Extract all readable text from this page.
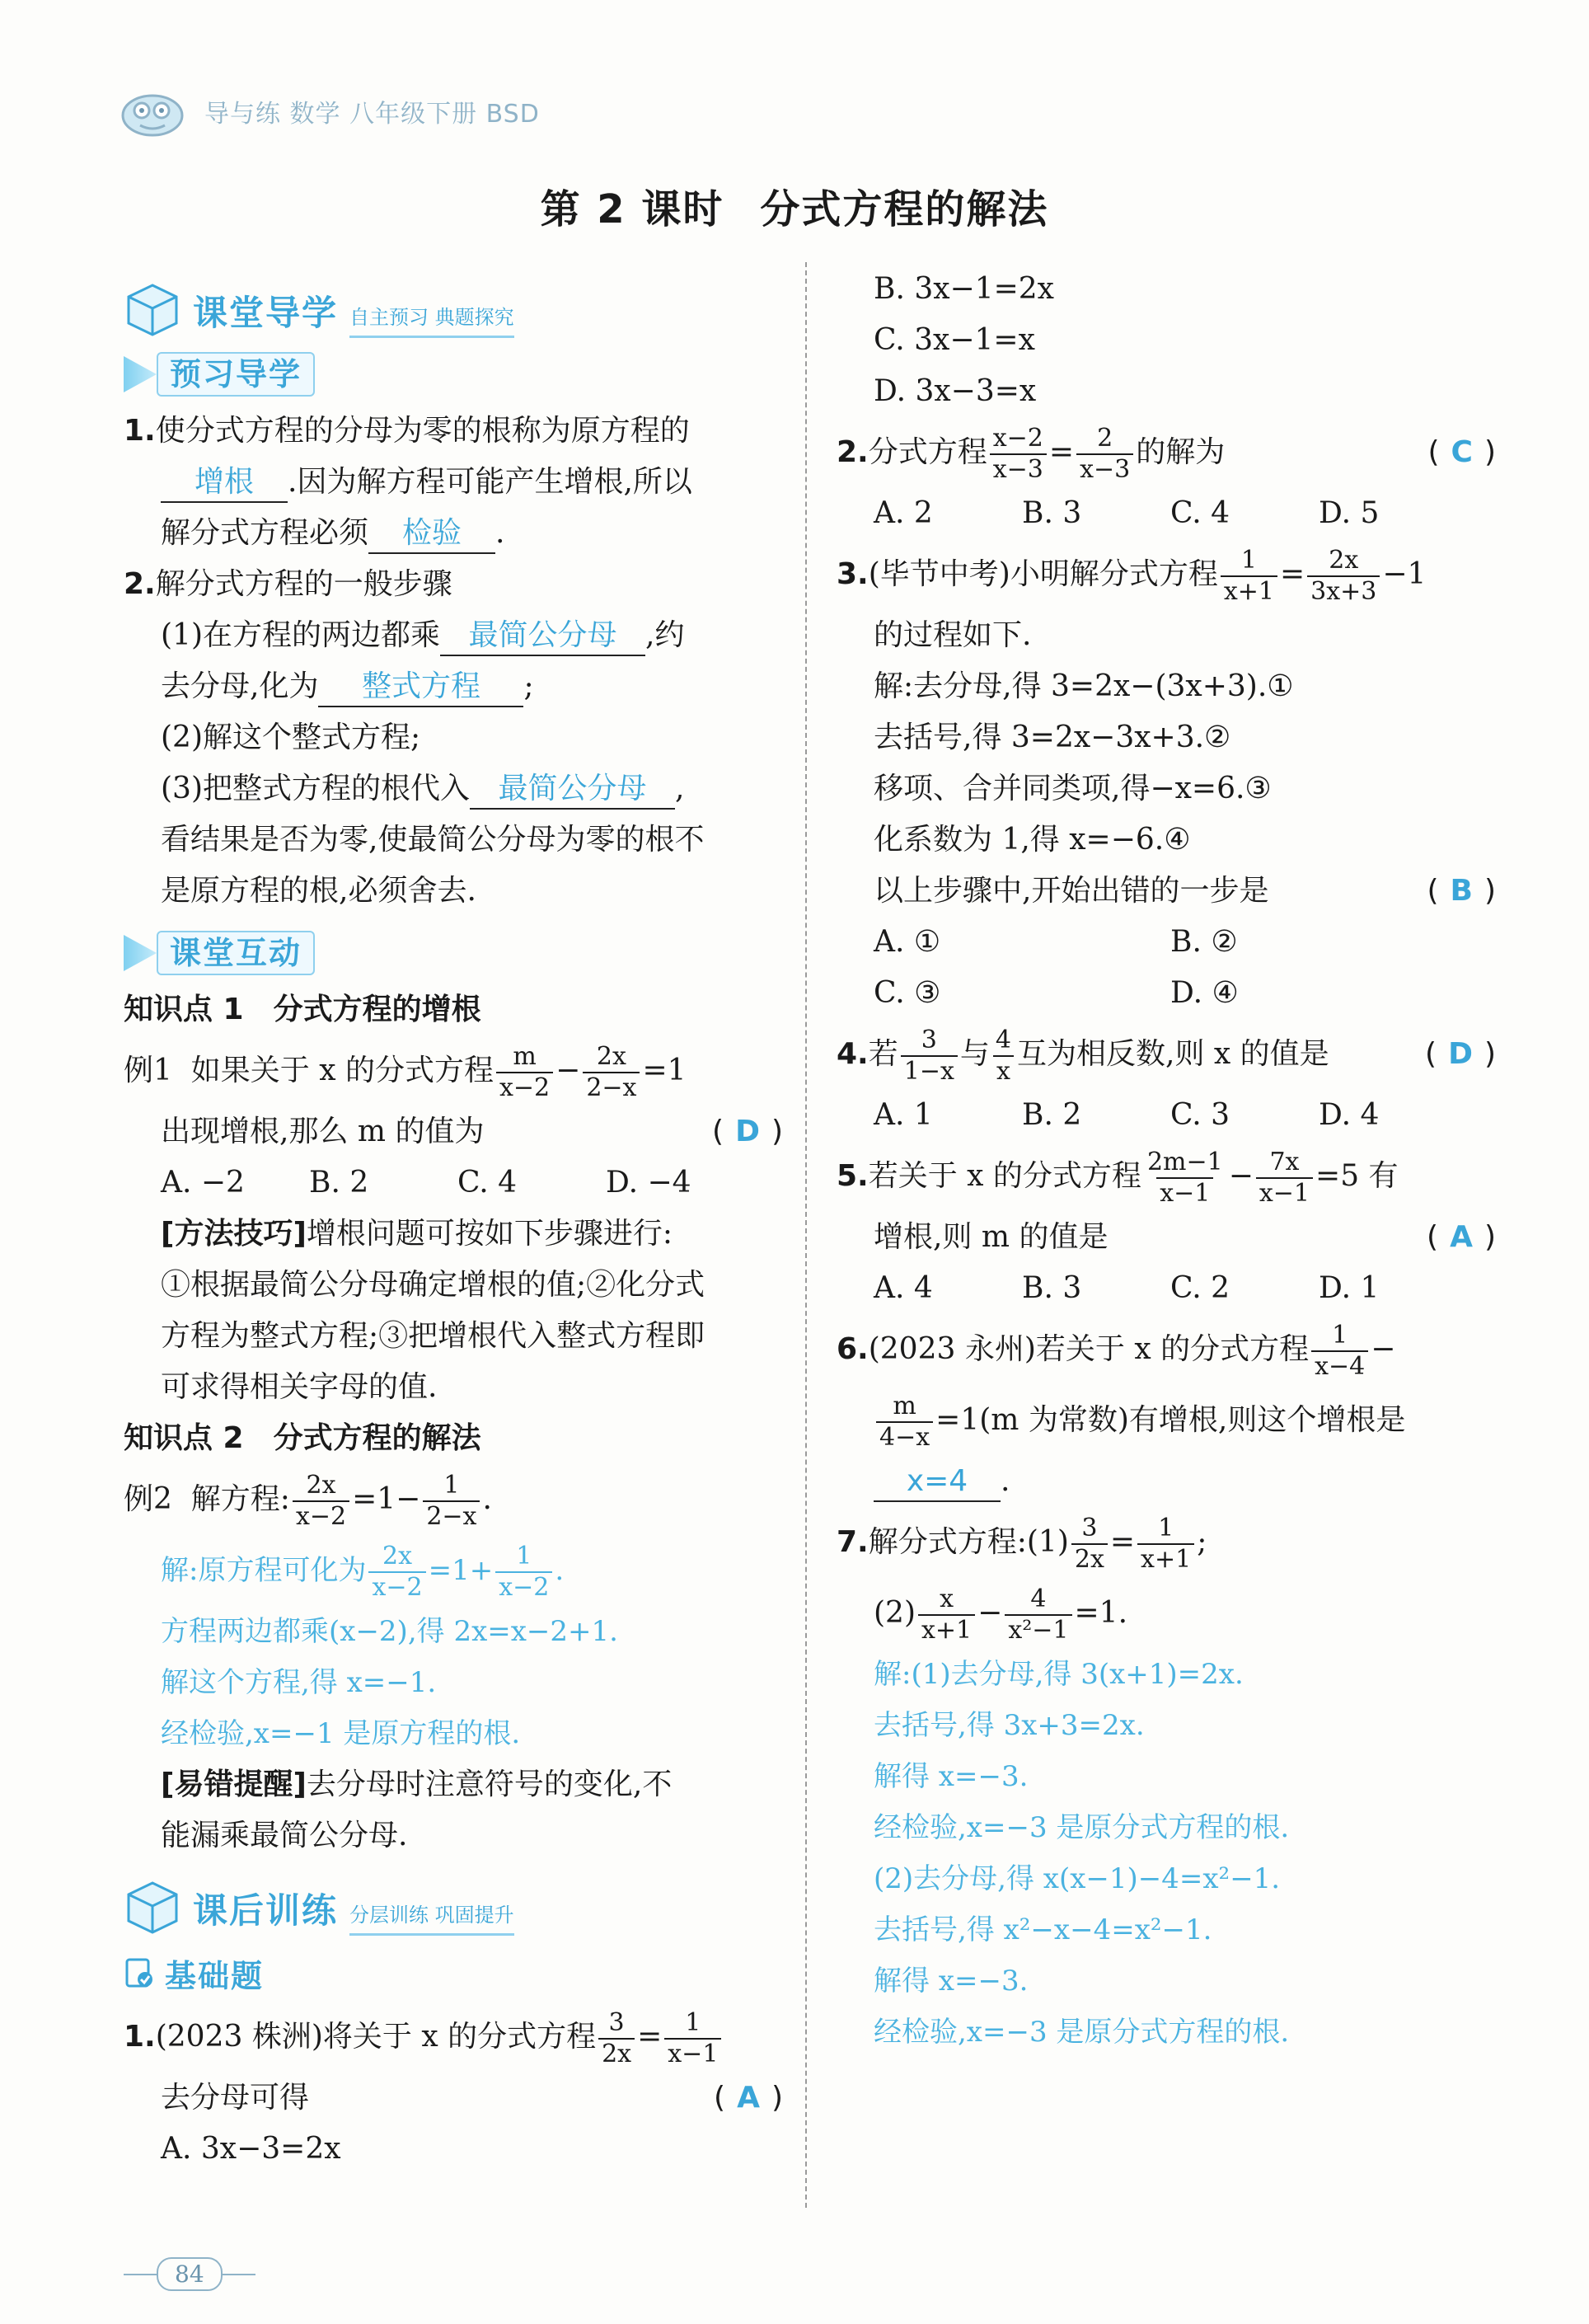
导与练 数学 八年级下册 BSD
第 2 课时 分式方程的解法
课堂导学 自主预习 典题探究
预习导学
1.使分式方程的分母为零的根称为原方程的
增根 .因为解方程可能产生增根,所以
解分式方程必须 检验 .
2.解分式方程的一般步骤
(1)在方程的两边都乘 最简公分母 ,约
去分母,化为 整式方程 ;
(2)解这个整式方程;
(3)把整式方程的根代入 最简公分母 ,
看结果是否为零,使最简公分母为零的根不
是原方程的根,必须舍去.
课堂互动
知识点 1　分式方程的增根
例1 如果关于 x 的分式方程 $\frac{m}{x-2} - \frac{2x}{2-x} =1$
出现增根,那么 m 的值为	( D )
A. −2	B. 2	C. 4	D. −4
[方法技巧]增根问题可按如下步骤进行:
①根据最简公分母确定增根的值;②化分式
方程为整式方程;③把增根代入整式方程即
可求得相关字母的值.
知识点 2　分式方程的解法
例2 解方程: $\frac{2x}{x-2} =1- \frac{1}{2-x}$ .
解:原方程可化为 $\frac{2x}{x-2} =1+ \frac{1}{x-2}$ .
方程两边都乘(x−2),得 2x=x−2+1.
解这个方程,得 x=−1.
经检验,x=−1 是原方程的根.
[易错提醒]去分母时注意符号的变化,不
能漏乘最简公分母.
课后训练 分层训练 巩固提升
基础题
1.(2023 株洲)将关于 x 的分式方程 $\frac{3}{2x} = \frac{1}{x-1}$
去分母可得	( A )
A. 3x−3=2x
B. 3x−1=2x
C. 3x−1=x
D. 3x−3=x
2.分式方程 $\frac{x-2}{x-3} = \frac{2}{x-3}$ 的解为	( C )
A. 2	B. 3	C. 4	D. 5
3.(毕节中考)小明解分式方程 $\frac{1}{x+1} = \frac{2x}{3x+3} -1$
的过程如下.
解:去分母,得 3=2x−(3x+3).①
去括号,得 3=2x−3x+3.②
移项、合并同类项,得−x=6.③
化系数为 1,得 x=−6.④
以上步骤中,开始出错的一步是	( B )
A. ①	B. ②
C. ③	D. ④
4.若 $\frac{3}{1-x}$ 与 $\frac{4}{x}$ 互为相反数,则 x 的值是	( D )
A. 1	B. 2	C. 3	D. 4
5.若关于 x 的分式方程 $\frac{2m-1}{x-1} - \frac{7x}{x-1} =5$ 有
增根,则 m 的值是	( A )
A. 4	B. 3	C. 2	D. 1
6.(2023 永州)若关于 x 的分式方程 $\frac{1}{x-4}$ −
$\frac{m}{4-x} =1(m$ 为常数)有增根,则这个增根是
x=4 .
7.解分式方程:(1) $\frac{3}{2x} = \frac{1}{x+1}$ ;
$(2) \frac{x}{x+1} - \frac{4}{\text{x²−1}} =1$.
解:(1)去分母,得 3(x+1)=2x.
去括号,得 3x+3=2x.
解得 x=−3.
经检验,x=−3 是原分式方程的根.
(2)去分母,得 x(x−1)−4=x²−1.
去括号,得 x²−x−4=x²−1.
解得 x=−3.
经检验,x=−3 是原分式方程的根.
84
